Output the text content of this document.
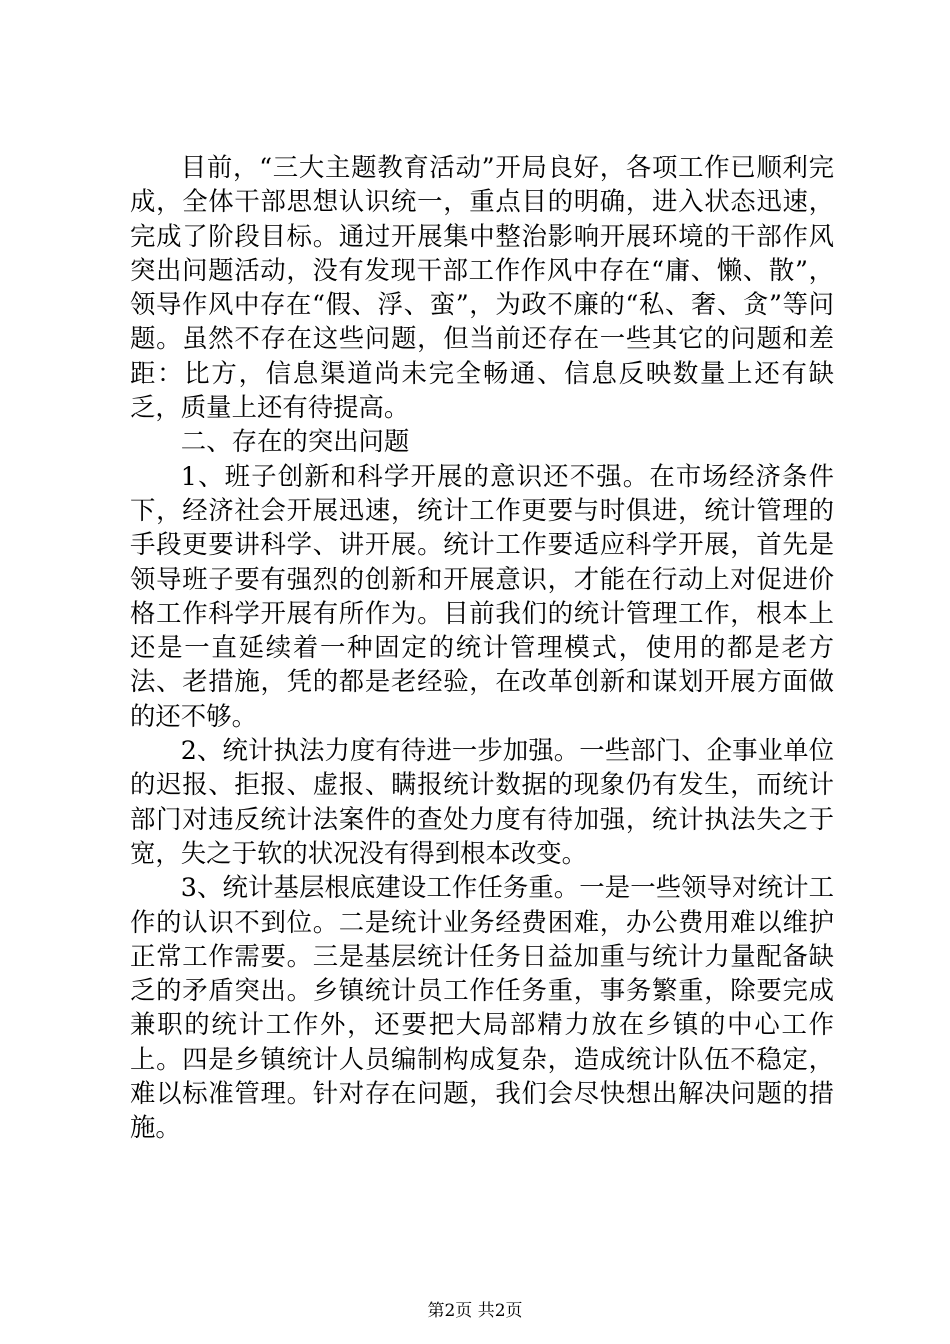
目前，“三大主题教育活动”开局良好，各项工作已顺利完成，全体干部思想认识统一，重点目的明确，进入状态迅速，完成了阶段目标。通过开展集中整治影响开展环境的干部作风突出问题活动，没有发现干部工作作风中存在“庸、懒、散”，领导作风中存在“假、浮、蛮”，为政不廉的“私、奢、贪”等问题。虽然不存在这些问题，但当前还存在一些其它的问题和差距：比方，信息渠道尚未完全畅通、信息反映数量上还有缺乏，质量上还有待提高。

二、存在的突出问题

1、班子创新和科学开展的意识还不强。在市场经济条件下，经济社会开展迅速，统计工作更要与时俱进，统计管理的手段更要讲科学、讲开展。统计工作要适应科学开展，首先是领导班子要有强烈的创新和开展意识，才能在行动上对促进价格工作科学开展有所作为。目前我们的统计管理工作，根本上还是一直延续着一种固定的统计管理模式，使用的都是老方法、老措施，凭的都是老经验，在改革创新和谋划开展方面做的还不够。

2、统计执法力度有待进一步加强。一些部门、企事业单位的迟报、拒报、虚报、瞒报统计数据的现象仍有发生，而统计部门对违反统计法案件的查处力度有待加强，统计执法失之于宽，失之于软的状况没有得到根本改变。

3、统计基层根底建设工作任务重。一是一些领导对统计工作的认识不到位。二是统计业务经费困难，办公费用难以维护正常工作需要。三是基层统计任务日益加重与统计力量配备缺乏的矛盾突出。乡镇统计员工作任务重，事务繁重，除要完成兼职的统计工作外，还要把大局部精力放在乡镇的中心工作上。四是乡镇统计人员编制构成复杂，造成统计队伍不稳定，难以标准管理。针对存在问题，我们会尽快想出解决问题的措施。

第2页 共2页
